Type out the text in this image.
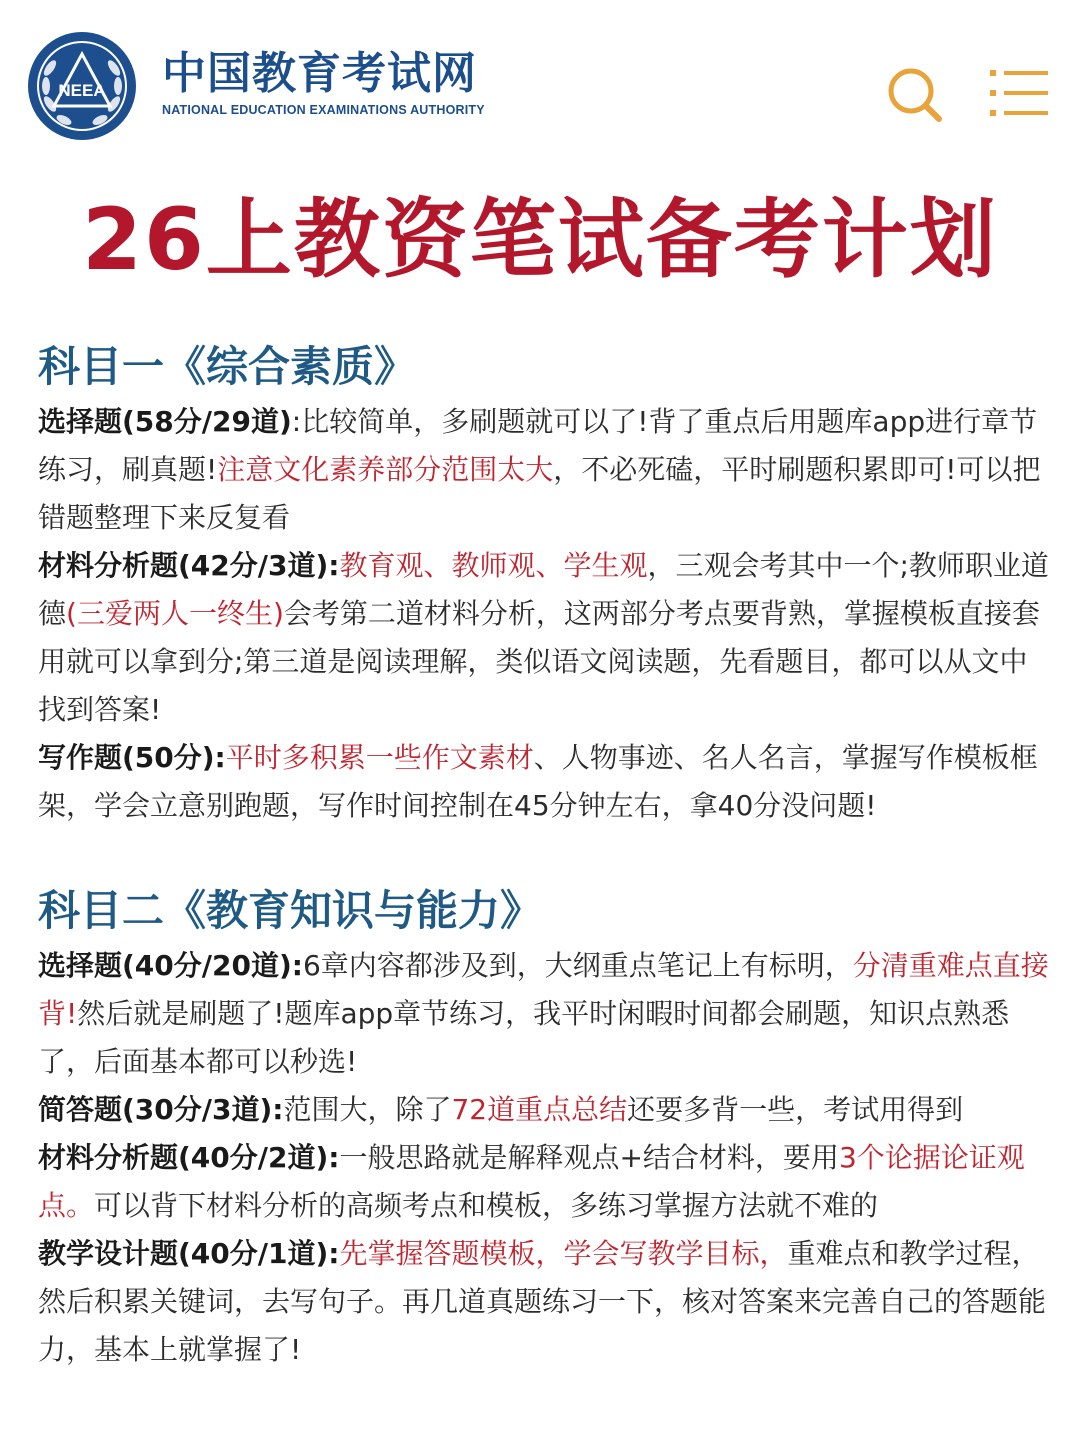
NEEA 中国教育考试网
NATIONAL EDUCATION EXAMINATIONS AUTHORITY
26上教资笔试备考计划
科目一《综合素质》

选择题(58分/29道):比较简单，多刷题就可以了!背了重点后用题库app进行章节练习，刷真题!注意文化素养部分范围太大，不必死磕，平时刷题积累即可!可以把错题整理下来反复看

材料分析题(42分/3道):教育观、教师观、学生观，三观会考其中一个;教师职业道德(三爱两人一终生)会考第二道材料分析，这两部分考点要背熟，掌握模板直接套用就可以拿到分;第三道是阅读理解，类似语文阅读题，先看题目，都可以从文中找到答案!

写作题(50分):平时多积累一些作文素材、人物事迹、名人名言，掌握写作模板框架，学会立意别跑题，写作时间控制在45分钟左右，拿40分没问题!

科目二《教育知识与能力》

选择题(40分/20道):6章内容都涉及到，大纲重点笔记上有标明，分清重难点直接背!然后就是刷题了!题库app章节练习，我平时闲暇时间都会刷题，知识点熟悉了，后面基本都可以秒选!

简答题(30分/3道):范围大，除了72道重点总结还要多背一些，考试用得到

材料分析题(40分/2道):一般思路就是解释观点+结合材料，要用3个论据论证观点。可以背下材料分析的高频考点和模板，多练习掌握方法就不难的

教学设计题(40分/1道):先掌握答题模板，学会写教学目标，重难点和教学过程，然后积累关键词，去写句子。再几道真题练习一下，核对答案来完善自己的答题能力，基本上就掌握了!
